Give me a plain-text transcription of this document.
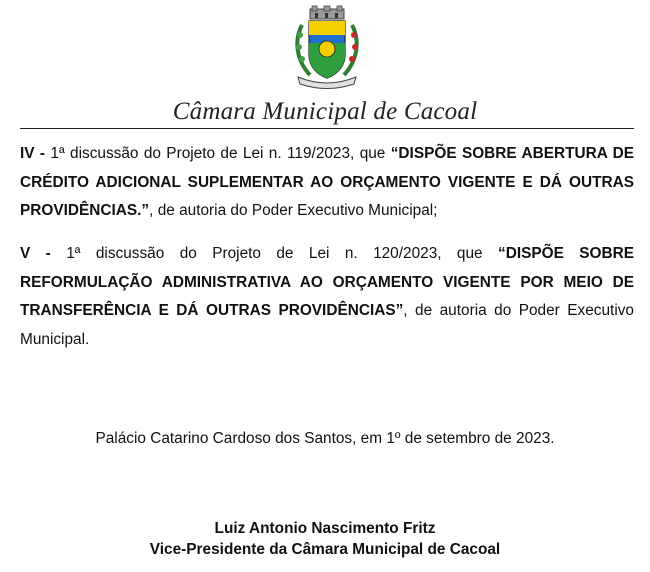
Câmara Municipal de Cacoal
IV - 1ª discussão do Projeto de Lei n. 119/2023, que “DISPÕE SOBRE ABERTURA DE CRÉDITO ADICIONAL SUPLEMENTAR AO ORÇAMENTO VIGENTE E DÁ OUTRAS PROVIDÊNCIAS.”, de autoria do Poder Executivo Municipal;
V - 1ª discussão do Projeto de Lei n. 120/2023, que “DISPÕE SOBRE REFORMULAÇÃO ADMINISTRATIVA AO ORÇAMENTO VIGENTE POR MEIO DE TRANSFERÊNCIA E DÁ OUTRAS PROVIDÊNCIAS”, de autoria do Poder Executivo Municipal.
Palácio Catarino Cardoso dos Santos, em 1º de setembro de 2023.
Luiz Antonio Nascimento Fritz
Vice-Presidente da Câmara Municipal de Cacoal
